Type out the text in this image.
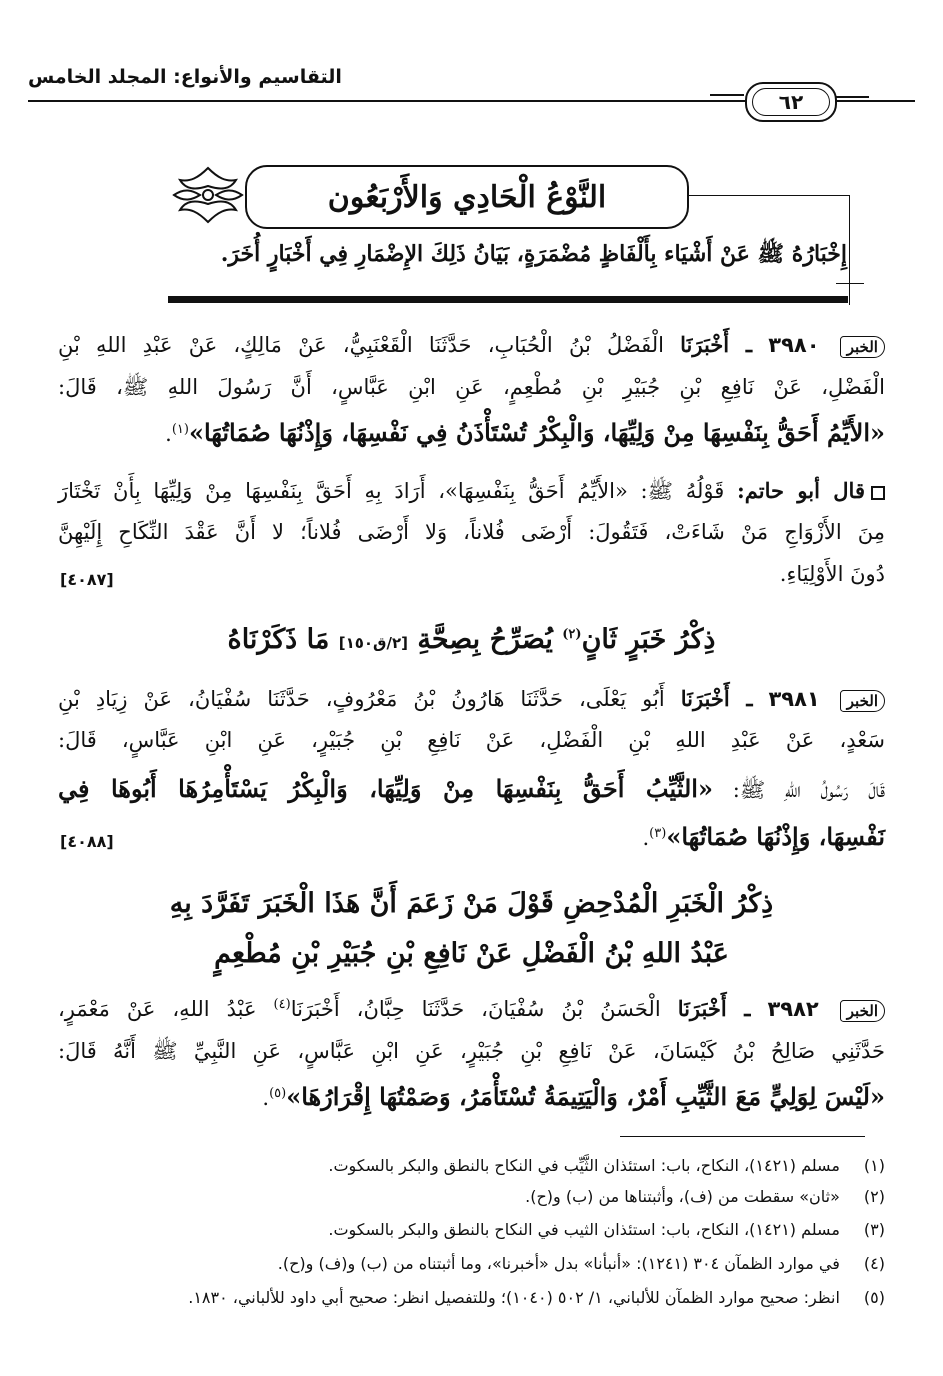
التقاسيم والأنواع: المجلد الخامس
٦٢
النَّوْعُ الْحَادِي وَالأَرْبَعُون
إِخْبَارُهُ ﷺ عَنْ أَشْيَاء بِأَلْفَاظٍ مُضْمَرَةٍ، بَيَانُ ذَلِكَ الإِضْمَارِ فِي أَخْبَارٍ أُخَرَ.
الخبر ٣٩٨٠ ـ أَخْبَرَنَا الْفَضْلُ بْنُ الْحُبَابِ، حَدَّثَنَا الْقَعْنَبِيُّ، عَنْ مَالِكٍ، عَنْ عَبْدِ اللهِ بْنِ
الْفَضْلِ، عَنْ نَافِعِ بْنِ جُبَيْرِ بْنِ مُطْعِمٍ، عَنِ ابْنِ عَبَّاسٍ، أَنَّ رَسُولَ اللهِ ﷺ، قَالَ:
«الأَيِّمُ أَحَقُّ بِنَفْسِهَا مِنْ وَلِيِّهَا، وَالْبِكْرُ تُسْتَأْذَنُ فِي نَفْسِهَا، وَإِذْنُهَا صُمَاتُهَا»$^{(١)}$.
قال أبو حاتم: قَوْلُهُ ﷺ: «الأَيِّمُ أَحَقُّ بِنَفْسِهَا»، أَرَادَ بِهِ أَحَقَّ بِنَفْسِهَا مِنْ وَلِيِّهَا بِأَنْ تَخْتَارَ
مِنَ الأَزْوَاجِ مَنْ شَاءَتْ، فَتَقُولَ: أَرْضَى فُلاناً، وَلا أَرْضَى فُلاناً؛ لا أَنَّ عَقْدَ النِّكَاحِ إِلَيْهِنَّ
دُونَ الأَوْلِيَاءِ.
[٤٠٨٧]
ذِكْرُ خَبَرٍ ثَانٍ$^{(٢)}$ يُصَرِّحُ بِصِحَّةِ [٢/ق١٥٠] مَا ذَكَرْنَاهُ
الخبر ٣٩٨١ ـ أَخْبَرَنَا أَبُو يَعْلَى، حَدَّثَنَا هَارُونُ بْنُ مَعْرُوفٍ، حَدَّثَنَا سُفْيَانُ، عَنْ زِيَادِ بْنِ
سَعْدٍ، عَنْ عَبْدِ اللهِ بْنِ الْفَضْلِ، عَنْ نَافِعِ بْنِ جُبَيْرٍ، عَنِ ابْنِ عَبَّاسٍ، قَالَ:
قَالَ رَسُولُ اللهِ ﷺ: «الثَّيِّبُ أَحَقُّ بِنَفْسِهَا مِنْ وَلِيِّهَا، وَالْبِكْرُ يَسْتَأْمِرُهَا أَبُوهَا فِي
نَفْسِهَا، وَإِذْنُهَا صُمَاتُهَا»$^{(٣)}$.
[٤٠٨٨]
ذِكْرُ الْخَبَرِ الْمُدْحِضِ قَوْلَ مَنْ زَعَمَ أَنَّ هَذَا الْخَبَرَ تَفَرَّدَ بِهِ
عَبْدُ اللهِ بْنُ الْفَضْلِ عَنْ نَافِعِ بْنِ جُبَيْرِ بْنِ مُطْعِمٍ
الخبر ٣٩٨٢ ـ أَخْبَرَنَا الْحَسَنُ بْنُ سُفْيَانَ، حَدَّثَنَا حِبَّانُ، أَخْبَرَنَا$^{(٤)}$ عَبْدُ اللهِ، عَنْ مَعْمَرٍ،
حَدَّثَنِي صَالِحُ بْنُ كَيْسَانَ، عَنْ نَافِعِ بْنِ جُبَيْرٍ، عَنِ ابْنِ عَبَّاسٍ، عَنِ النَّبِيِّ ﷺ أَنَّهُ قَالَ:
«لَيْسَ لِوَلِيٍّ مَعَ الثَّيِّبِ أَمْرٌ، وَالْيَتِيمَةُ تُسْتَأْمَرُ، وَصَمْتُهَا إِقْرَارُهَا»$^{(٥)}$.
(١) مسلم (١٤٢١)، النكاح، باب: استئذان الثَّيِّب في النكاح بالنطق والبكر بالسكوت.
(٢) «ثان» سقطت من (ف)، وأثبتناها من (ب) و(ح).
(٣) مسلم (١٤٢١)، النكاح، باب: استئذان الثيب في النكاح بالنطق والبكر بالسكوت.
(٤) في موارد الظمآن ٣٠٤ (١٢٤١): «أنبأنا» بدل «أخبرنا»، وما أثبتناه من (ب) و(ف) و(ح).
(٥) انظر: صحيح موارد الظمآن للألباني، ١/ ٥٠٢ (١٠٤٠)؛ وللتفصيل انظر: صحيح أبي داود للألباني، ١٨٣٠.
